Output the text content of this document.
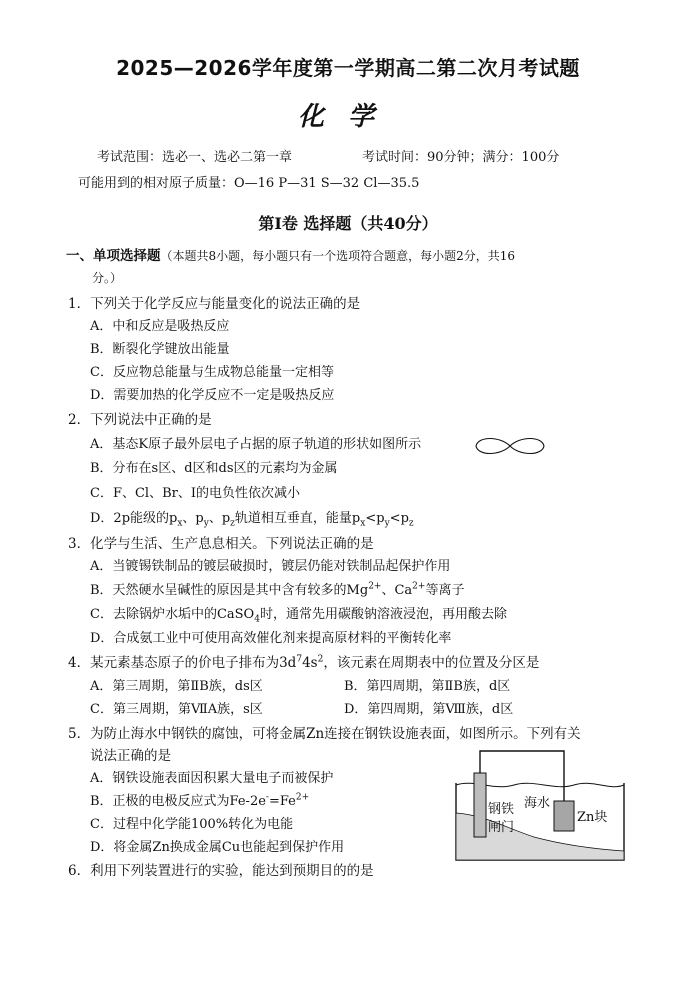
2025—2026学年度第一学期高二第二次月考试题
化学
考试范围：选必一、选必二第一章	考试时间：90分钟；满分：100分
可能用到的相对原子质量：O—16 P—31 S—32 Cl—35.5
第Ⅰ卷 选择题（共40分）
一、单项选择题（本题共8小题，每小题只有一个选项符合题意，每小题2分，共16
分。）
1．下列关于化学反应与能量变化的说法正确的是
A．中和反应是吸热反应
B．断裂化学键放出能量
C．反应物总能量与生成物总能量一定相等
D．需要加热的化学反应不一定是吸热反应
2．下列说法中正确的是
A．基态K原子最外层电子占据的原子轨道的形状如图所示
B．分布在s区、d区和ds区的元素均为金属
C．F、Cl、Br、I的电负性依次减小
D．2p能级的$p_x$、$p_y$、$p_z$轨道相互垂直，能量$p_x<p_y<p_z$
3．化学与生活、生产息息相关。下列说法正确的是
A．当镀锡铁制品的镀层破损时，镀层仍能对铁制品起保护作用
B．天然硬水呈碱性的原因是其中含有较多的$Mg^{2+}$、$Ca^{2+}$等离子
C．去除锅炉水垢中的CaSO$_4$时，通常先用碳酸钠溶液浸泡，再用酸去除
D．合成氨工业中可使用高效催化剂来提高原材料的平衡转化率
4．某元素基态原子的价电子排布为$3d^74s^2$，该元素在周期表中的位置及分区是
A．第三周期，第ⅡB族，ds区	B．第四周期，第ⅡB族，d区
C．第三周期，第ⅦA族，s区	D．第四周期，第Ⅷ族，d区
5．为防止海水中钢铁的腐蚀，可将金属Zn连接在钢铁设施表面，如图所示。下列有关
说法正确的是
A．钢铁设施表面因积累大量电子而被保护
B．正极的电极反应式为$Fe-2e^-=Fe^{2+}$
C．过程中化学能100%转化为电能
D．将金属Zn换成金属Cu也能起到保护作用
钢铁
闸门
海水
Zn块
6．利用下列装置进行的实验，能达到预期目的的是
